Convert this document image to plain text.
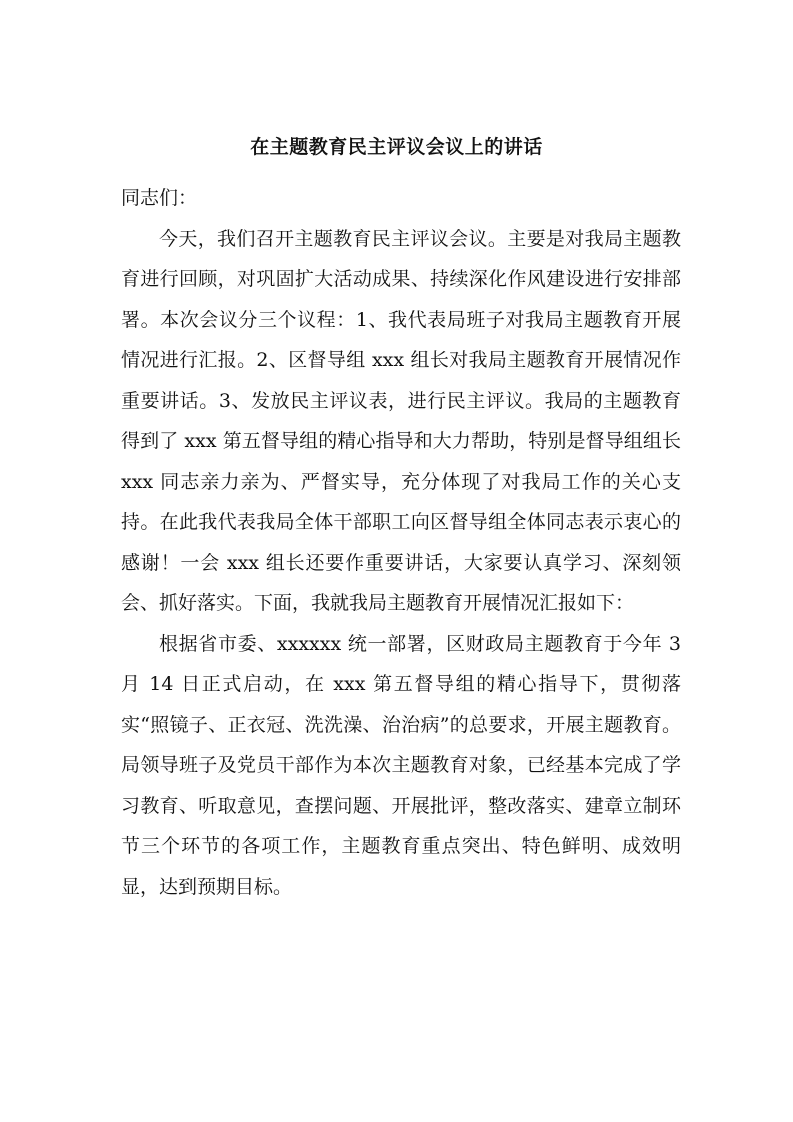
在主题教育民主评议会议上的讲话

同志们：

今天，我们召开主题教育民主评议会议。主要是对我局主题教育进行回顾，对巩固扩大活动成果、持续深化作风建设进行安排部署。本次会议分三个议程：1、我代表局班子对我局主题教育开展情况进行汇报。2、区督导组 xxx 组长对我局主题教育开展情况作重要讲话。3、发放民主评议表，进行民主评议。我局的主题教育得到了 xxx 第五督导组的精心指导和大力帮助，特别是督导组组长 xxx 同志亲力亲为、严督实导，充分体现了对我局工作的关心支持。在此我代表我局全体干部职工向区督导组全体同志表示衷心的感谢！一会 xxx 组长还要作重要讲话，大家要认真学习、深刻领会、抓好落实。下面，我就我局主题教育开展情况汇报如下：

根据省市委、xxxxxx 统一部署，区财政局主题教育于今年 3 月 14 日正式启动，在 xxx 第五督导组的精心指导下，贯彻落实“照镜子、正衣冠、洗洗澡、治治病”的总要求，开展主题教育。局领导班子及党员干部作为本次主题教育对象，已经基本完成了学习教育、听取意见，查摆问题、开展批评，整改落实、建章立制环节三个环节的各项工作，主题教育重点突出、特色鲜明、成效明显，达到预期目标。
